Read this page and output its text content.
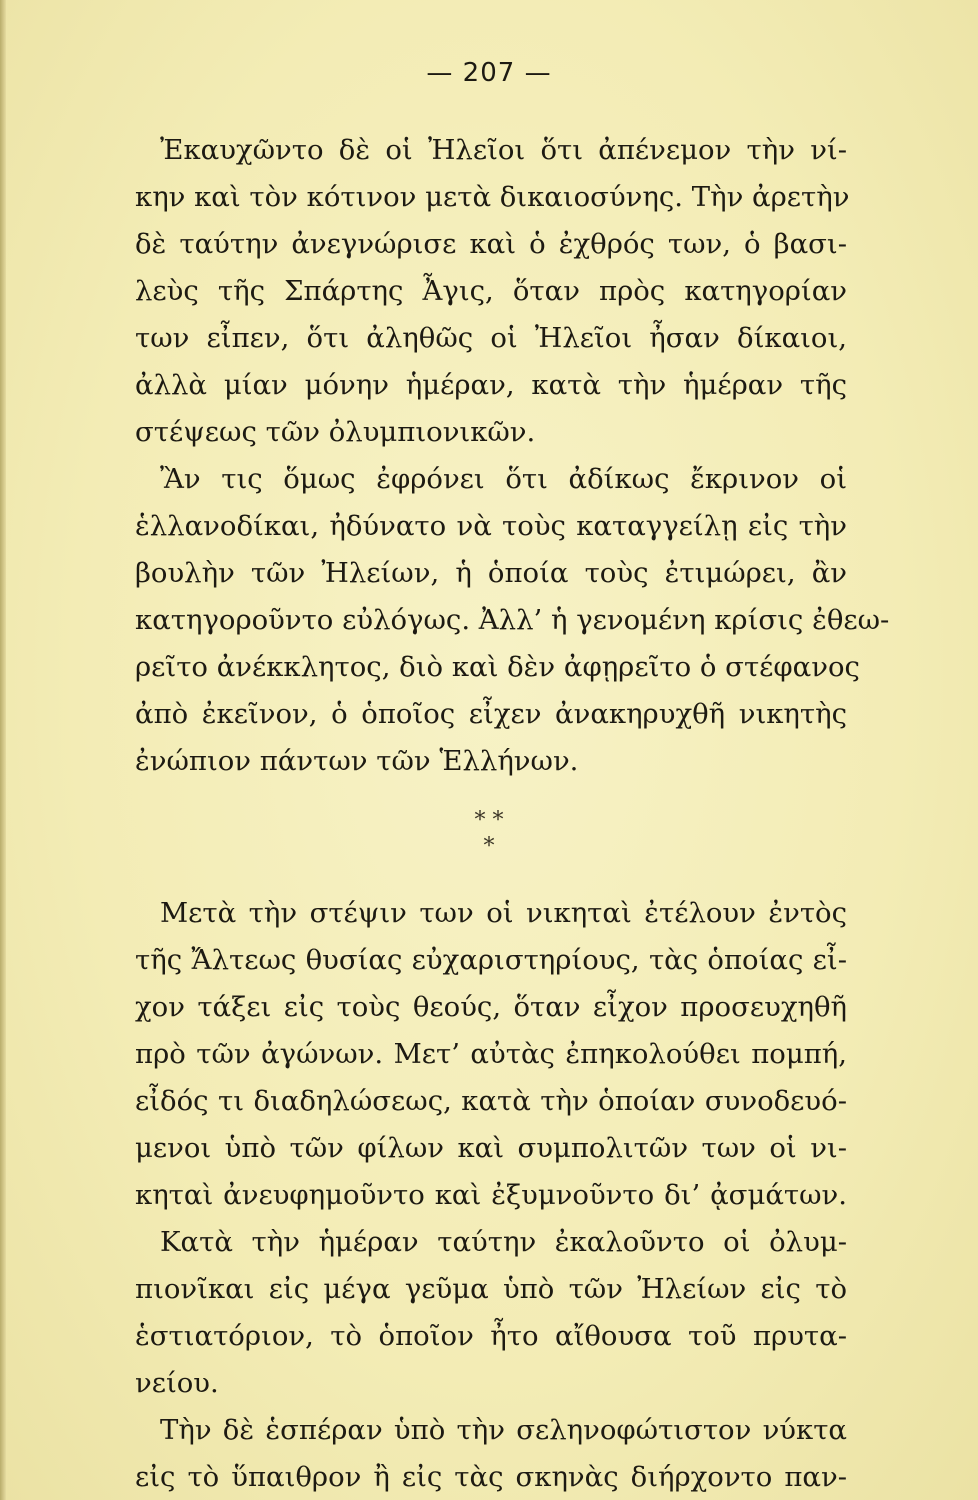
— 207 —
Ἐκαυχῶντο δὲ οἱ Ἠλεῖοι ὅτι ἀπένεμον τὴν νί-
κην καὶ τὸν κότινον μετὰ δικαιοσύνης. Τὴν ἀρετὴν
δὲ ταύτην ἀνεγνώρισε καὶ ὁ ἐχθρός των, ὁ βασι-
λεὺς τῆς Σπάρτης Ἆγις, ὅταν πρὸς κατηγορίαν
των εἶπεν, ὅτι ἀληθῶς οἱ Ἠλεῖοι ἦσαν δίκαιοι,
ἀλλὰ μίαν μόνην ἡμέραν, κατὰ τὴν ἡμέραν τῆς
στέψεως τῶν ὀλυμπιονικῶν.
Ἂν τις ὅμως ἐφρόνει ὅτι ἀδίκως ἔκρινον οἱ
ἑλλανοδίκαι, ἠδύνατο νὰ τοὺς καταγγείλῃ εἰς τὴν
βουλὴν τῶν Ἠλείων, ἡ ὁποία τοὺς ἐτιμώρει, ἂν
κατηγοροῦντο εὐλόγως. Ἀλλ’ ἡ γενομένη κρίσις ἐθεω-
ρεῖτο ἀνέκκλητος, διὸ καὶ δὲν ἀφῃρεῖτο ὁ στέφανος
ἀπὸ ἐκεῖνον, ὁ ὁποῖος εἶχεν ἀνακηρυχθῆ νικητὴς
ἐνώπιον πάντων τῶν Ἑλλήνων.
* *
*
Μετὰ τὴν στέψιν των οἱ νικηταὶ ἐτέλουν ἐντὸς
τῆς Ἄλτεως θυσίας εὐχαριστηρίους, τὰς ὁποίας εἶ-
χον τάξει εἰς τοὺς θεούς, ὅταν εἶχον προσευχηθῆ
πρὸ τῶν ἀγώνων. Μετ’ αὐτὰς ἐπηκολούθει πομπή,
εἶδός τι διαδηλώσεως, κατὰ τὴν ὁποίαν συνοδευό-
μενοι ὑπὸ τῶν φίλων καὶ συμπολιτῶν των οἱ νι-
κηταὶ ἀνευφημοῦντο καὶ ἐξυμνοῦντο δι’ ᾀσμάτων.
Κατὰ τὴν ἡμέραν ταύτην ἐκαλοῦντο οἱ ὀλυμ-
πιονῖκαι εἰς μέγα γεῦμα ὑπὸ τῶν Ἠλείων εἰς τὸ
ἑστιατόριον, τὸ ὁποῖον ἦτο αἴθουσα τοῦ πρυτα-
νείου.
Τὴν δὲ ἑσπέραν ὑπὸ τὴν σεληνοφώτιστον νύκτα
εἰς τὸ ὕπαιθρον ἢ εἰς τὰς σκηνὰς διήρχοντο παν-
